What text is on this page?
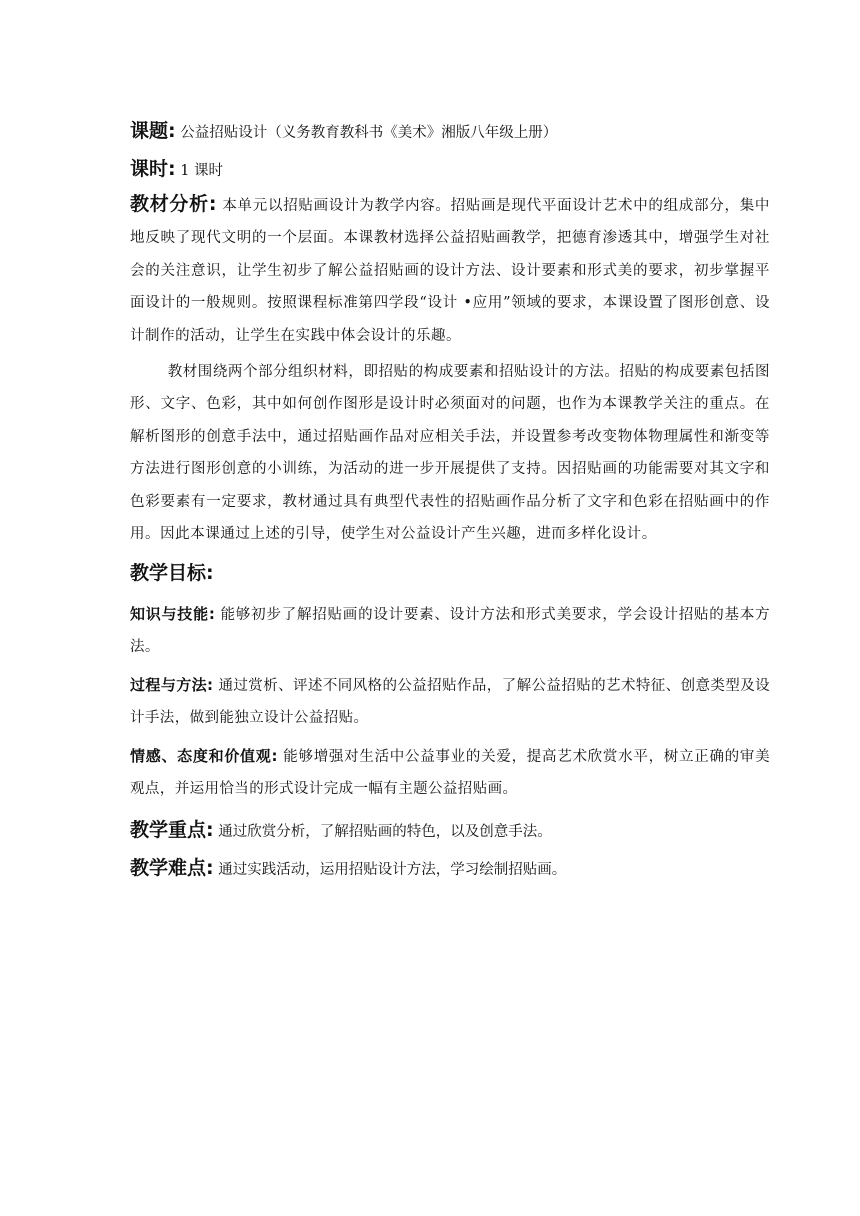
课题: 公益招贴设计（义务教育教科书《美术》湘版八年级上册）
课时: 1 课时

教材分析: 本单元以招贴画设计为教学内容。招贴画是现代平面设计艺术中的组成部分，集中地反映了现代文明的一个层面。本课教材选择公益招贴画教学，把德育渗透其中，增强学生对社会的关注意识，让学生初步了解公益招贴画的设计方法、设计要素和形式美的要求，初步掌握平面设计的一般规则。按照课程标准第四学段“设计 •应用”领域的要求，本课设置了图形创意、设计制作的活动，让学生在实践中体会设计的乐趣。

教材围绕两个部分组织材料，即招贴的构成要素和招贴设计的方法。招贴的构成要素包括图形、文字、色彩，其中如何创作图形是设计时必须面对的问题，也作为本课教学关注的重点。在解析图形的创意手法中，通过招贴画作品对应相关手法，并设置参考改变物体物理属性和渐变等方法进行图形创意的小训练，为活动的进一步开展提供了支持。因招贴画的功能需要对其文字和色彩要素有一定要求，教材通过具有典型代表性的招贴画作品分析了文字和色彩在招贴画中的作用。因此本课通过上述的引导，使学生对公益设计产生兴趣，进而多样化设计。

教学目标:

知识与技能: 能够初步了解招贴画的设计要素、设计方法和形式美要求，学会设计招贴的基本方法。

过程与方法: 通过赏析、评述不同风格的公益招贴作品，了解公益招贴的艺术特征、创意类型及设计手法，做到能独立设计公益招贴。

情感、态度和价值观: 能够增强对生活中公益事业的关爱，提高艺术欣赏水平，树立正确的审美观点，并运用恰当的形式设计完成一幅有主题公益招贴画。

教学重点: 通过欣赏分析，了解招贴画的特色，以及创意手法。
教学难点: 通过实践活动，运用招贴设计方法，学习绘制招贴画。
